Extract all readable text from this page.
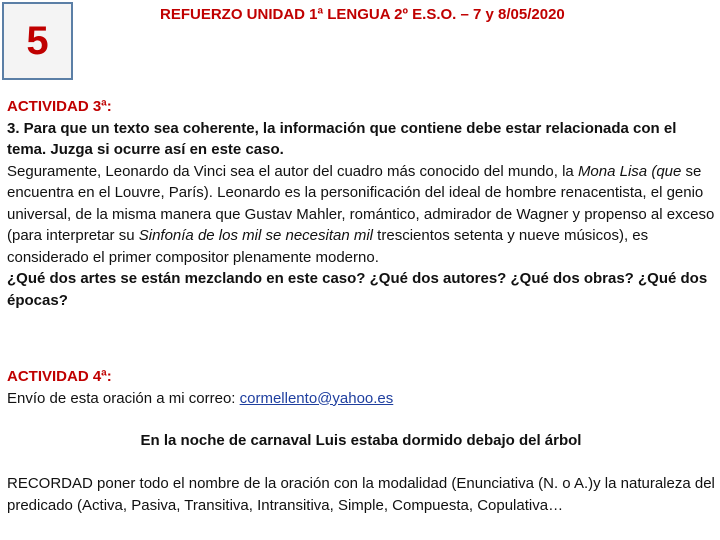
5
REFUERZO UNIDAD 1ª LENGUA 2º E.S.O. – 7 y 8/05/2020

ACTIVIDAD 3ª:

3. Para que un texto sea coherente, la información que contiene debe estar relacionada con el tema. Juzga si ocurre así en este caso.

Seguramente, Leonardo da Vinci sea el autor del cuadro más conocido del mundo, la Mona Lisa (que se encuentra en el Louvre, París). Leonardo es la personificación del ideal de hombre renacentista, el genio universal, de la misma manera que Gustav Mahler, romántico, admirador de Wagner y propenso al exceso (para interpretar su Sinfonía de los mil se necesitan mil trescientos setenta y nueve músicos), es considerado el primer compositor plenamente moderno.

¿Qué dos artes se están mezclando en este caso? ¿Qué dos autores? ¿Qué dos obras? ¿Qué dos épocas?

ACTIVIDAD 4ª:

Envío de esta oración a mi correo: cormellento@yahoo.es

En la noche de carnaval Luis estaba dormido debajo del árbol
RECORDAD poner todo el nombre de la oración con la modalidad (Enunciativa (N. o A.)y la naturaleza del predicado (Activa, Pasiva, Transitiva, Intransitiva, Simple, Compuesta, Copulativa…
